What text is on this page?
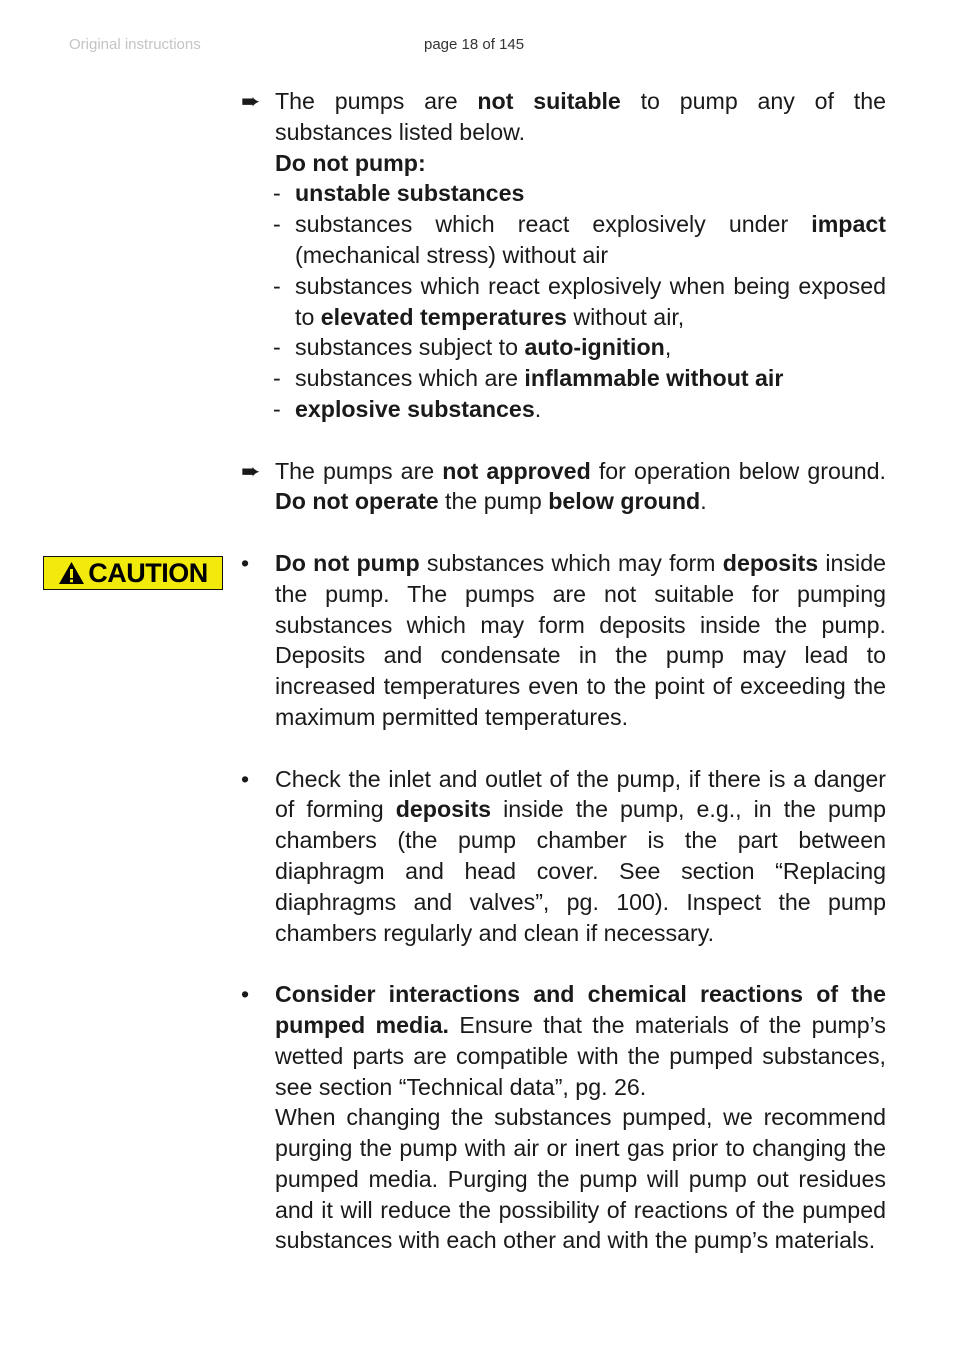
Original instructions	page 18 of 145
CAUTION
➨ The pumps are not suitable to pump any of the substances listed below.
Do not pump:
- unstable substances
- substances which react explosively under impact (mechanical stress) without air
- substances which react explosively when being exposed to elevated temperatures without air,
- substances subject to auto-ignition,
- substances which are inflammable without air
- explosive substances.
➨ The pumps are not approved for operation below ground. Do not operate the pump below ground.
•	Do not pump substances which may form deposits inside the pump. The pumps are not suitable for pumping substances which may form deposits inside the pump. Deposits and condensate in the pump may lead to increased temperatures even to the point of exceeding the maximum permitted temperatures.
•	Check the inlet and outlet of the pump, if there is a danger of forming deposits inside the pump, e.g., in the pump chambers (the pump chamber is the part between diaphragm and head cover. See section “Replacing diaphragms and valves”, pg. 100). Inspect the pump chambers regularly and clean if necessary.
•	Consider interactions and chemical reactions of the pumped media. Ensure that the materials of the pump’s wetted parts are compatible with the pumped substances, see section “Technical data”, pg. 26.
When changing the substances pumped, we recommend purging the pump with air or inert gas prior to changing the pumped media. Purging the pump will pump out residues and it will reduce the possibility of reactions of the pumped substances with each other and with the pump’s materials.
